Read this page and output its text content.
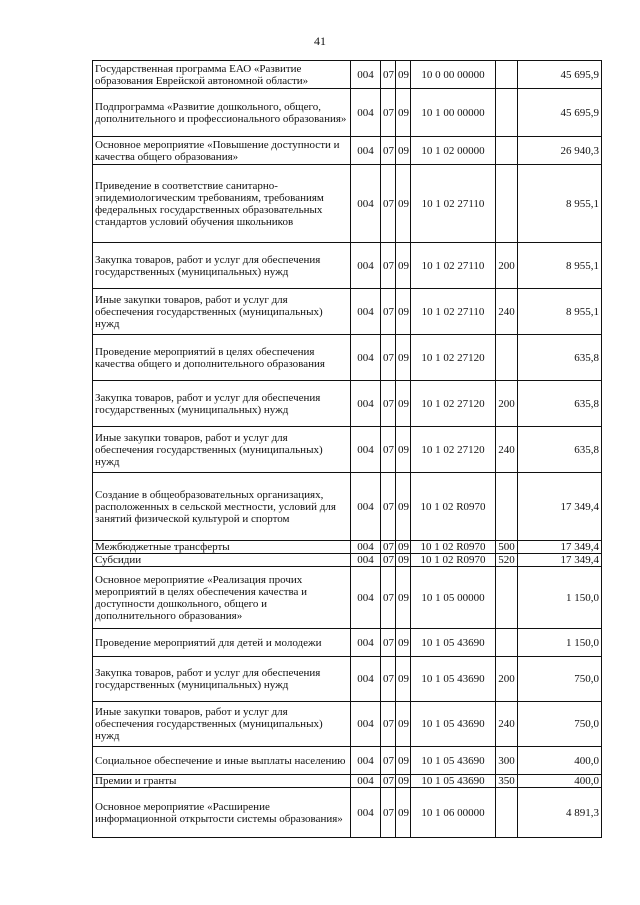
41
Государственная программа ЕАО «Развитие образования Еврейской автономной области»	004	07	09	10 0 00 00000		45 695,9
Подпрограмма «Развитие дошкольного, общего, дополнительного и профессионального образования»	004	07	09	10 1 00 00000		45 695,9
Основное мероприятие «Повышение доступности и качества общего образования»	004	07	09	10 1 02 00000		26 940,3
Приведение в соответствие санитарно-эпидемиологическим требованиям, требованиям федеральных государственных образовательных стандартов условий обучения школьников	004	07	09	10 1 02 27110		8 955,1
Закупка товаров, работ и услуг для обеспечения государственных (муниципальных) нужд	004	07	09	10 1 02 27110	200	8 955,1
Иные закупки товаров, работ и услуг для обеспечения государственных (муниципальных) нужд	004	07	09	10 1 02 27110	240	8 955,1
Проведение мероприятий в целях обеспечения качества общего и дополнительного образования	004	07	09	10 1 02 27120		635,8
Закупка товаров, работ и услуг для обеспечения государственных (муниципальных) нужд	004	07	09	10 1 02 27120	200	635,8
Иные закупки товаров, работ и услуг для обеспечения государственных (муниципальных) нужд	004	07	09	10 1 02 27120	240	635,8
Создание в общеобразовательных организациях, расположенных в сельской местности, условий для занятий физической культурой и спортом	004	07	09	10 1 02 R0970		17 349,4
Межбюджетные трансферты	004	07	09	10 1 02 R0970	500	17 349,4
Субсидии	004	07	09	10 1 02 R0970	520	17 349,4
Основное мероприятие «Реализация прочих мероприятий в целях обеспечения качества и доступности дошкольного, общего и дополнительного образования»	004	07	09	10 1 05 00000		1 150,0
Проведение мероприятий для детей и молодежи	004	07	09	10 1 05 43690		1 150,0
Закупка товаров, работ и услуг для обеспечения государственных (муниципальных) нужд	004	07	09	10 1 05 43690	200	750,0
Иные закупки товаров, работ и услуг для обеспечения государственных (муниципальных) нужд	004	07	09	10 1 05 43690	240	750,0
Социальное обеспечение и иные выплаты населению	004	07	09	10 1 05 43690	300	400,0
Премии и гранты	004	07	09	10 1 05 43690	350	400,0
Основное мероприятие «Расширение информационной открытости системы образования»	004	07	09	10 1 06 00000		4 891,3
